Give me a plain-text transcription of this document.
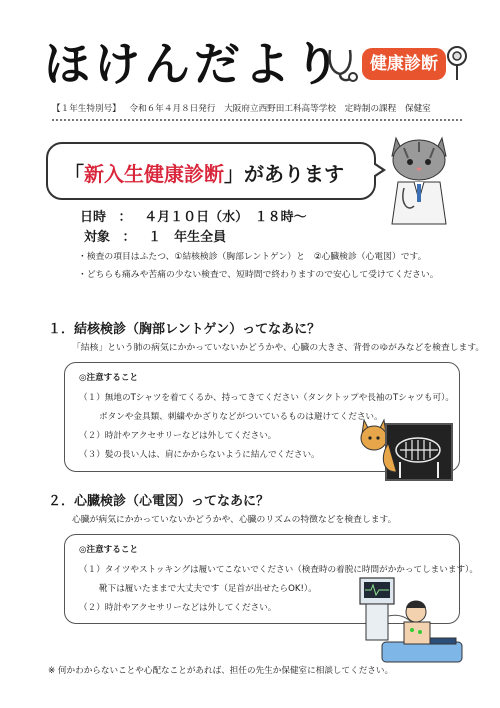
ほけんだより	健康診断
【１年生特別号】 令和６年４月８日発行 大阪府立西野田工科高等学校 定時制の課程 保健室
「新入生健康診断」があります
日時 ： ４月１０日（水）　１８時～
対象 ： １　年生全員
・ 検査の項目はふたつ、①結核検診（胸部レントゲン）と　②心臓検診（心電図）です。
・ どちらも痛みや苦痛の少ない検査で、短時間で終わりますので安心して受けてください。
１．結核検診（胸部レントゲン）ってなあに？
「結核」という肺の病気にかかっていないかどうかや、心臓の大きさ、背骨のゆがみなどを検査します。
◎注意すること
（１）無地のTシャツを着てくるか、持ってきてください（タンクトップや長袖のTシャツも可）。
ボタンや金具類、刺繍やかざりなどがついているものは避けてください。
（２）時計やアクセサリーなどは外してください。
（３）髪の長い人は、肩にかからないように結んでください。
２．心臓検診（心電図）ってなあに？
心臓が病気にかかっていないかどうかや、心臓のリズムの特徴などを検査します。
◎注意すること
（１）タイツやストッキングは履いてこないでください（検査時の着脱に時間がかかってしまいます）。
靴下は履いたままで大丈夫です（足首が出せたらOK!）。
（２）時計やアクセサリーなどは外してください。
※ 何かわからないことや心配なことがあれば、担任の先生か保健室に相談してください。
